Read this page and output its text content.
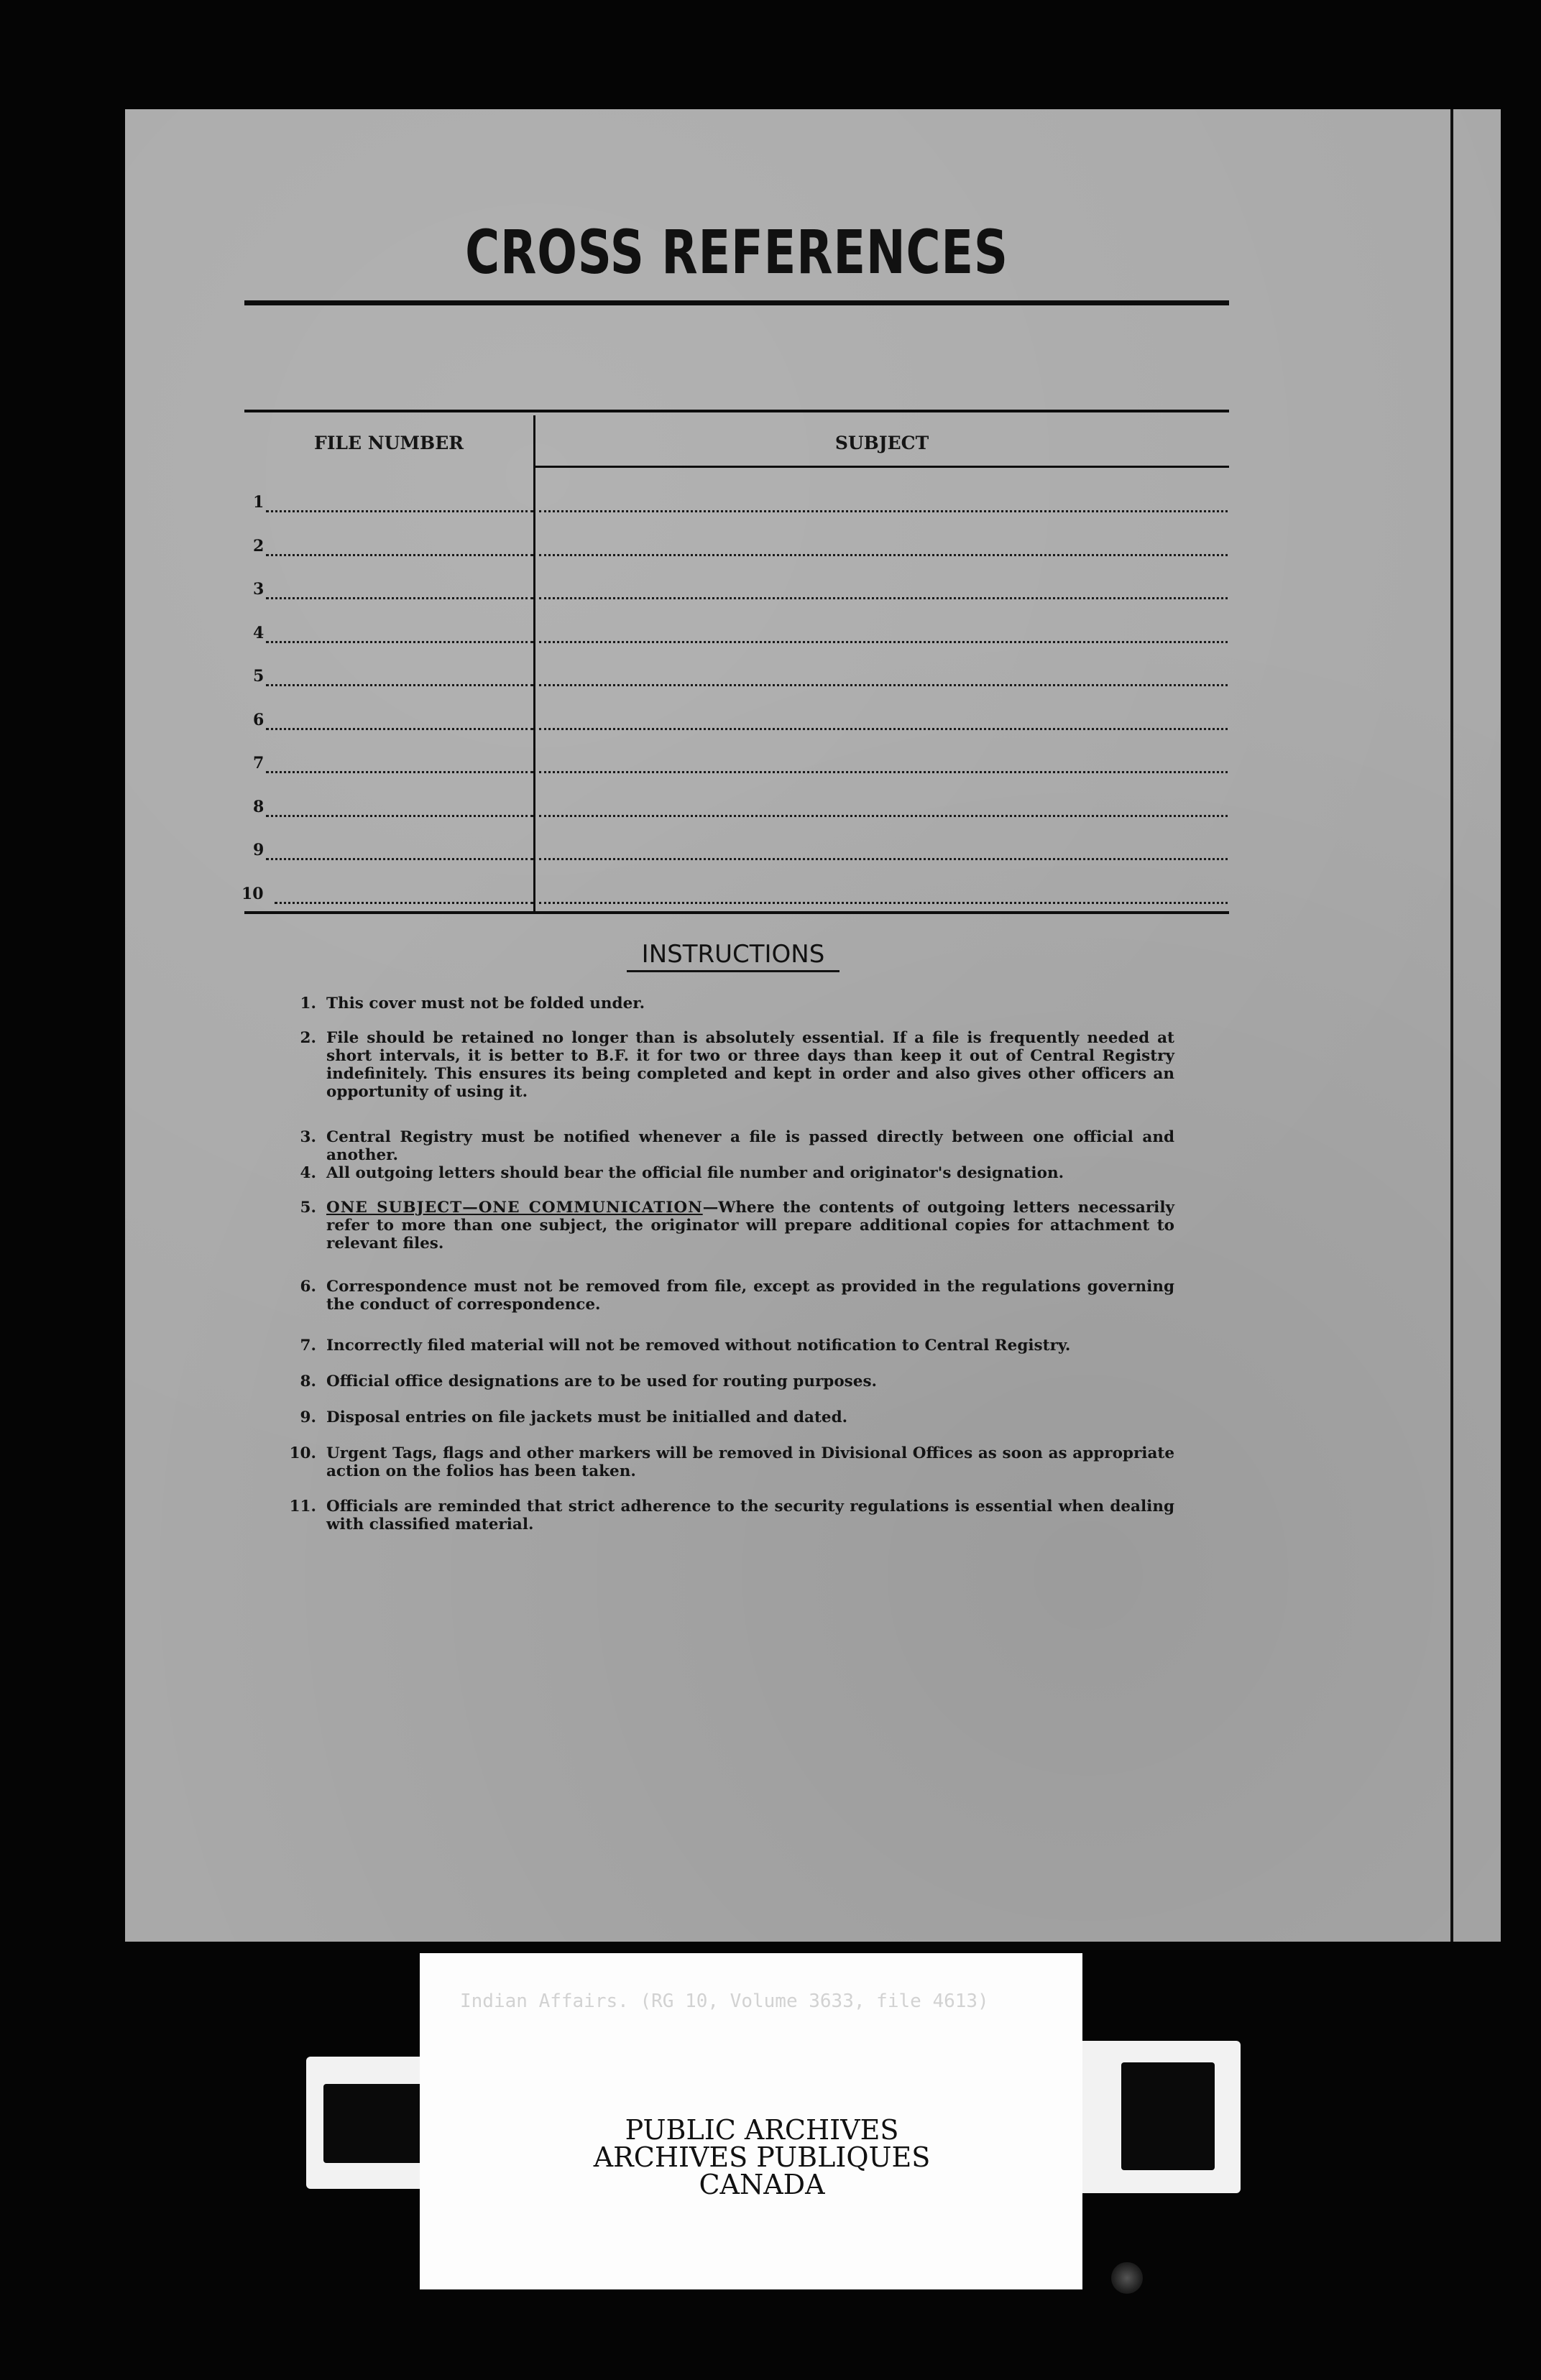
CROSS REFERENCES
FILE NUMBER	SUBJECT
1
2
3
4
5
6
7
8
9
10
INSTRUCTIONS
1. This cover must not be folded under.
2. File should be retained no longer than is absolutely essential. If a file is frequently needed at short intervals, it is better to B.F. it for two or three days than keep it out of Central Registry indefinitely. This ensures its being completed and kept in order and also gives other officers an opportunity of using it.
3. Central Registry must be notified whenever a file is passed directly between one official and another.
4. All outgoing letters should bear the official file number and originator's designation.
5. ONE SUBJECT—ONE COMMUNICATION—Where the contents of outgoing letters necessarily refer to more than one subject, the originator will prepare additional copies for attachment to relevant files.
6. Correspondence must not be removed from file, except as provided in the regulations governing the conduct of correspondence.
7. Incorrectly filed material will not be removed without notification to Central Registry.
8. Official office designations are to be used for routing purposes.
9. Disposal entries on file jackets must be initialled and dated.
10. Urgent Tags, flags and other markers will be removed in Divisional Offices as soon as appropriate action on the folios has been taken.
11. Officials are reminded that strict adherence to the security regulations is essential when dealing with classified material.
Indian Affairs. (RG 10, Volume 3633, file 4613)
PUBLIC ARCHIVES
ARCHIVES PUBLIQUES
CANADA
